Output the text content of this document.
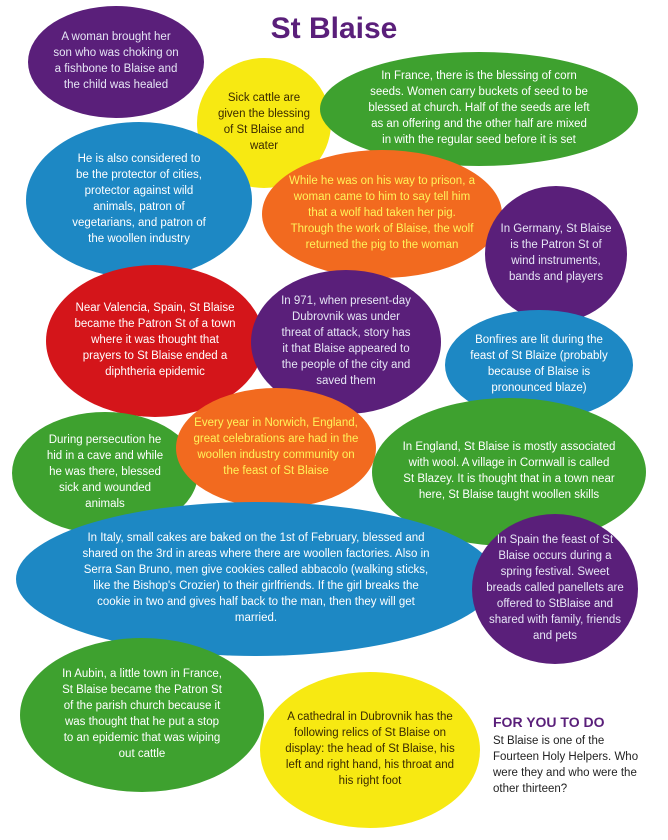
St Blaise
A woman brought her son who was choking on a fishbone to Blaise and the child was healed
Sick cattle are given the blessing of St Blaise and water
In France, there is the blessing of corn seeds. Women carry buckets of seed to be blessed at church. Half of the seeds are left as an offering and the other half are mixed in with the regular seed before it is set
He is also considered to be the protector of cities, protector against wild animals, patron of vegetarians, and patron of the woollen industry
While he was on his way to prison, a woman came to him to say tell him that a wolf had taken her pig. Through the work of Blaise, the wolf returned the pig to the woman
In Germany, St Blaise is the Patron St of wind instruments, bands and players
Near Valencia, Spain, St Blaise became the Patron St of a town where it was thought that prayers to St Blaise ended a diphtheria epidemic
In 971, when present-day Dubrovnik was under threat of attack, story has it that Blaise appeared to the people of the city and saved them
Bonfires are lit during the feast of St Blaize (probably because of Blaise is pronounced blaze)
During persecution he hid in a cave and while he was there, blessed sick and wounded animals
Every year in Norwich, England, great celebrations are had in the woollen industry community on the feast of St Blaise
In England, St Blaise is mostly associated with wool. A village in Cornwall is called St Blazey. It is thought that in a town near here, St Blaise taught woollen skills
In Italy, small cakes are baked on the 1st of February, blessed and shared on the 3rd in areas where there are woollen factories. Also in Serra San Bruno, men give cookies called abbacolo (walking sticks, like the Bishop's Crozier) to their girlfriends. If the girl breaks the cookie in two and gives half back to the man, then they will get married.
In Spain the feast of St Blaise occurs during a spring festival. Sweet breads called panellets are offered to StBlaise and shared with family, friends and pets
In Aubin, a little town in France, St Blaise became the Patron St of the parish church because it was thought that he put a stop to an epidemic that was wiping out cattle
A cathedral in Dubrovnik has the following relics of St Blaise on display: the head of St Blaise, his left and right hand, his throat and his right foot
FOR YOU TO DO
St Blaise is one of the Fourteen Holy Helpers. Who were they and who were the other thirteen?
